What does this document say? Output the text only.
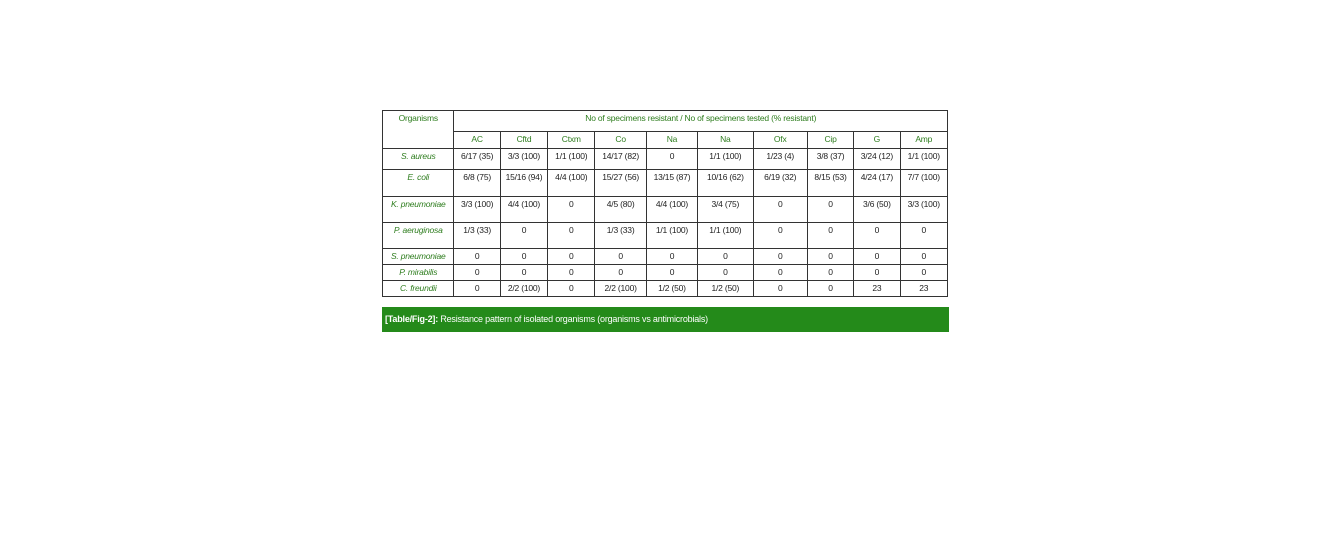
Organisms	No of specimens resistant / No of specimens tested (% resistant)									
	AC	Cftd	Ctxm	Co	Na	Na	Ofx	Cip	G	Amp
S. aureus	6/17 (35)	3/3 (100)	1/1 (100)	14/17 (82)	0	1/1 (100)	1/23 (4)	3/8 (37)	3/24 (12)	1/1 (100)
E. coli	6/8 (75)	15/16 (94)	4/4 (100)	15/27 (56)	13/15 (87)	10/16 (62)	6/19 (32)	8/15 (53)	4/24 (17)	7/7 (100)
K. pneumoniae	3/3 (100)	4/4 (100)	0	4/5 (80)	4/4 (100)	3/4 (75)	0	0	3/6 (50)	3/3 (100)
P. aeruginosa	1/3 (33)	0	0	1/3 (33)	1/1 (100)	1/1 (100)	0	0	0	0
S. pneumoniae	0	0	0	0	0	0	0	0	0	0
P. mirabilis	0	0	0	0	0	0	0	0	0	0
C. freundii	0	2/2 (100)	0	2/2 (100)	1/2 (50)	1/2 (50)	0	0	23	23
[Table/Fig-2]: Resistance pattern of isolated organisms (organisms vs antimicrobials)
